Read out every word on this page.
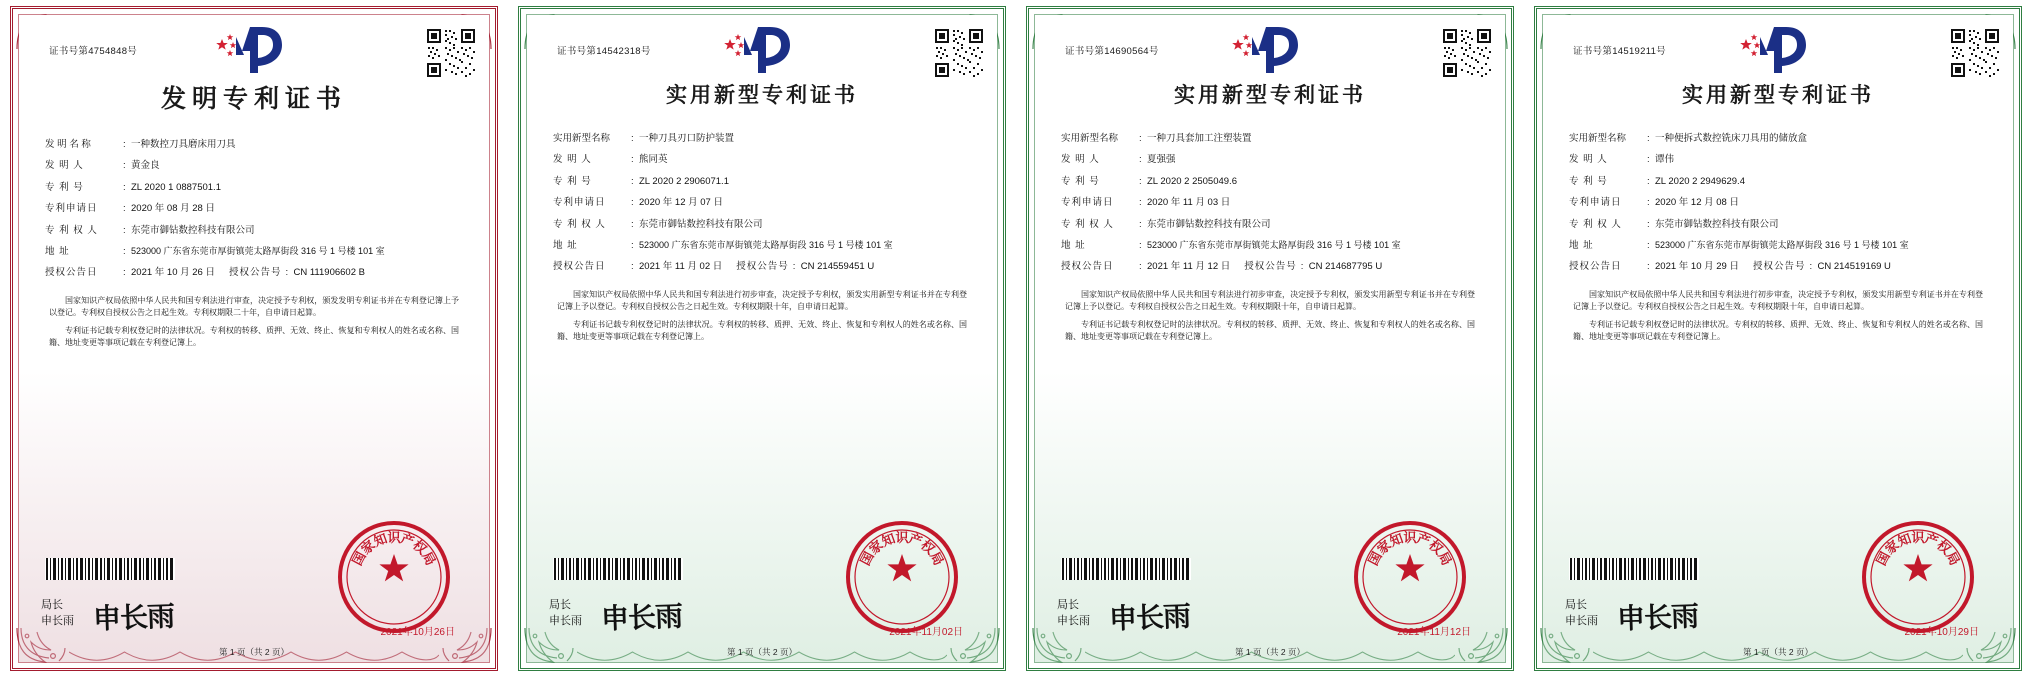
证书号第4754848号
发明专利证书
发 明 名 称	: 一种数控刀具磨床用刀具
发 明 人	: 黄金良
专 利 号	: ZL 2020 1 0887501.1
专利申请日	: 2020 年 08 月 28 日
专 利 权 人	: 东莞市御钻数控科技有限公司
地 址	: 523000 广东省东莞市厚街镇莞太路厚街段 316 号 1 号楼 101 室
授权公告日	: 2021 年 10 月 26 日 授权公告号 : CN 111906602 B

国家知识产权局依照中华人民共和国专利法进行审查，决定授予专利权，颁发发明专利证书并在专利登记簿上予以登记。专利权自授权公告之日起生效。专利权期限二十年，自申请日起算。

专利证书记载专利权登记时的法律状况。专利权的转移、质押、无效、终止、恢复和专利权人的姓名或名称、国籍、地址变更等事项记载在专利登记簿上。

局长
申长雨 申长雨
国
家
知
识
产
权
局
2021年10月26日
第 1 页（共 2 页）
证书号第14542318号
实用新型专利证书
实用新型名称	: 一种刀具刃口防护装置
发 明 人	: 熊同英
专 利 号	: ZL 2020 2 2906071.1
专利申请日	: 2020 年 12 月 07 日
专 利 权 人	: 东莞市御钻数控科技有限公司
地 址	: 523000 广东省东莞市厚街镇莞太路厚街段 316 号 1 号楼 101 室
授权公告日	: 2021 年 11 月 02 日 授权公告号 : CN 214559451 U

国家知识产权局依照中华人民共和国专利法进行初步审查，决定授予专利权，颁发实用新型专利证书并在专利登记簿上予以登记。专利权自授权公告之日起生效。专利权期限十年，自申请日起算。

专利证书记载专利权登记时的法律状况。专利权的转移、质押、无效、终止、恢复和专利权人的姓名或名称、国籍、地址变更等事项记载在专利登记簿上。

局长
申长雨 申长雨
国
家
知
识
产
权
局
2021年11月02日
第 1 页（共 2 页）
证书号第14690564号
实用新型专利证书
实用新型名称	: 一种刀具套加工注塑装置
发 明 人	: 夏强强
专 利 号	: ZL 2020 2 2505049.6
专利申请日	: 2020 年 11 月 03 日
专 利 权 人	: 东莞市御钻数控科技有限公司
地 址	: 523000 广东省东莞市厚街镇莞太路厚街段 316 号 1 号楼 101 室
授权公告日	: 2021 年 11 月 12 日 授权公告号 : CN 214687795 U

国家知识产权局依照中华人民共和国专利法进行初步审查，决定授予专利权，颁发实用新型专利证书并在专利登记簿上予以登记。专利权自授权公告之日起生效。专利权期限十年，自申请日起算。

专利证书记载专利权登记时的法律状况。专利权的转移、质押、无效、终止、恢复和专利权人的姓名或名称、国籍、地址变更等事项记载在专利登记簿上。

局长
申长雨 申长雨
国
家
知
识
产
权
局
2021年11月12日
第 1 页（共 2 页）
证书号第14519211号
实用新型专利证书
实用新型名称	: 一种便拆式数控铣床刀具用的储放盒
发 明 人	: 谭伟
专 利 号	: ZL 2020 2 2949629.4
专利申请日	: 2020 年 12 月 08 日
专 利 权 人	: 东莞市御钻数控科技有限公司
地 址	: 523000 广东省东莞市厚街镇莞太路厚街段 316 号 1 号楼 101 室
授权公告日	: 2021 年 10 月 29 日 授权公告号 : CN 214519169 U

国家知识产权局依照中华人民共和国专利法进行初步审查，决定授予专利权，颁发实用新型专利证书并在专利登记簿上予以登记。专利权自授权公告之日起生效。专利权期限十年，自申请日起算。

专利证书记载专利权登记时的法律状况。专利权的转移、质押、无效、终止、恢复和专利权人的姓名或名称、国籍、地址变更等事项记载在专利登记簿上。

局长
申长雨 申长雨
国
家
知
识
产
权
局
2021年10月29日
第 1 页（共 2 页）
